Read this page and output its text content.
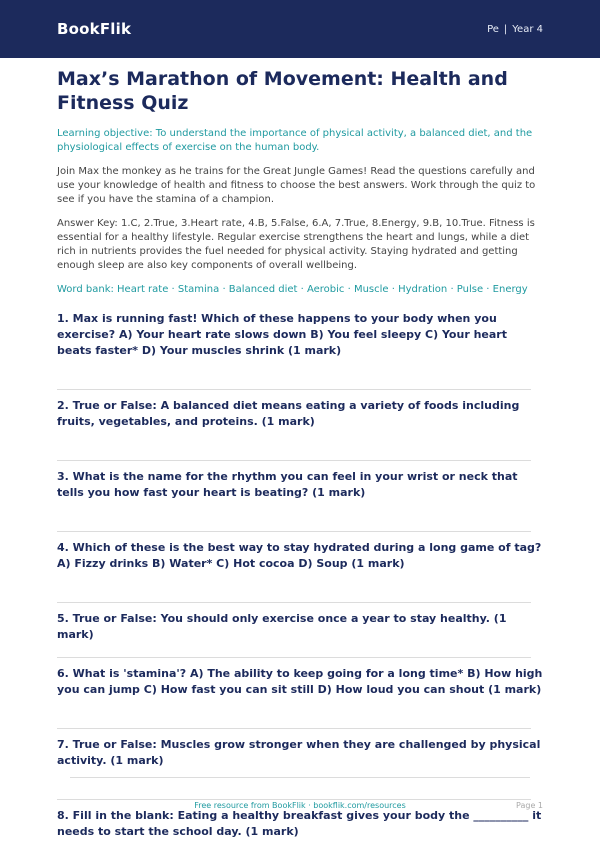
BookFlik	Pe | Year 4
Max’s Marathon of Movement: Health and Fitness Quiz
Learning objective: To understand the importance of physical activity, a balanced diet, and the physiological effects of exercise on the human body.
Join Max the monkey as he trains for the Great Jungle Games! Read the questions carefully and use your knowledge of health and fitness to choose the best answers. Work through the quiz to see if you have the stamina of a champion.
Answer Key: 1.C, 2.True, 3.Heart rate, 4.B, 5.False, 6.A, 7.True, 8.Energy, 9.B, 10.True. Fitness is essential for a healthy lifestyle. Regular exercise strengthens the heart and lungs, while a diet rich in nutrients provides the fuel needed for physical activity. Staying hydrated and getting enough sleep are also key components of overall wellbeing.
Word bank: Heart rate · Stamina · Balanced diet · Aerobic · Muscle · Hydration · Pulse · Energy
1. Max is running fast! Which of these happens to your body when you exercise? A) Your heart rate slows down B) You feel sleepy C) Your heart beats faster* D) Your muscles shrink (1 mark)
2. True or False: A balanced diet means eating a variety of foods including fruits, vegetables, and proteins. (1 mark)
3. What is the name for the rhythm you can feel in your wrist or neck that tells you how fast your heart is beating? (1 mark)
4. Which of these is the best way to stay hydrated during a long game of tag? A) Fizzy drinks B) Water* C) Hot cocoa D) Soup (1 mark)
5. True or False: You should only exercise once a year to stay healthy. (1 mark)
6. What is 'stamina'? A) The ability to keep going for a long time* B) How high you can jump C) How fast you can sit still D) How loud you can shout (1 mark)
7. True or False: Muscles grow stronger when they are challenged by physical activity. (1 mark)
8. Fill in the blank: Eating a healthy breakfast gives your body the __________ it needs to start the school day. (1 mark)
Free resource from BookFlik · bookflik.com/resources	Page 1
